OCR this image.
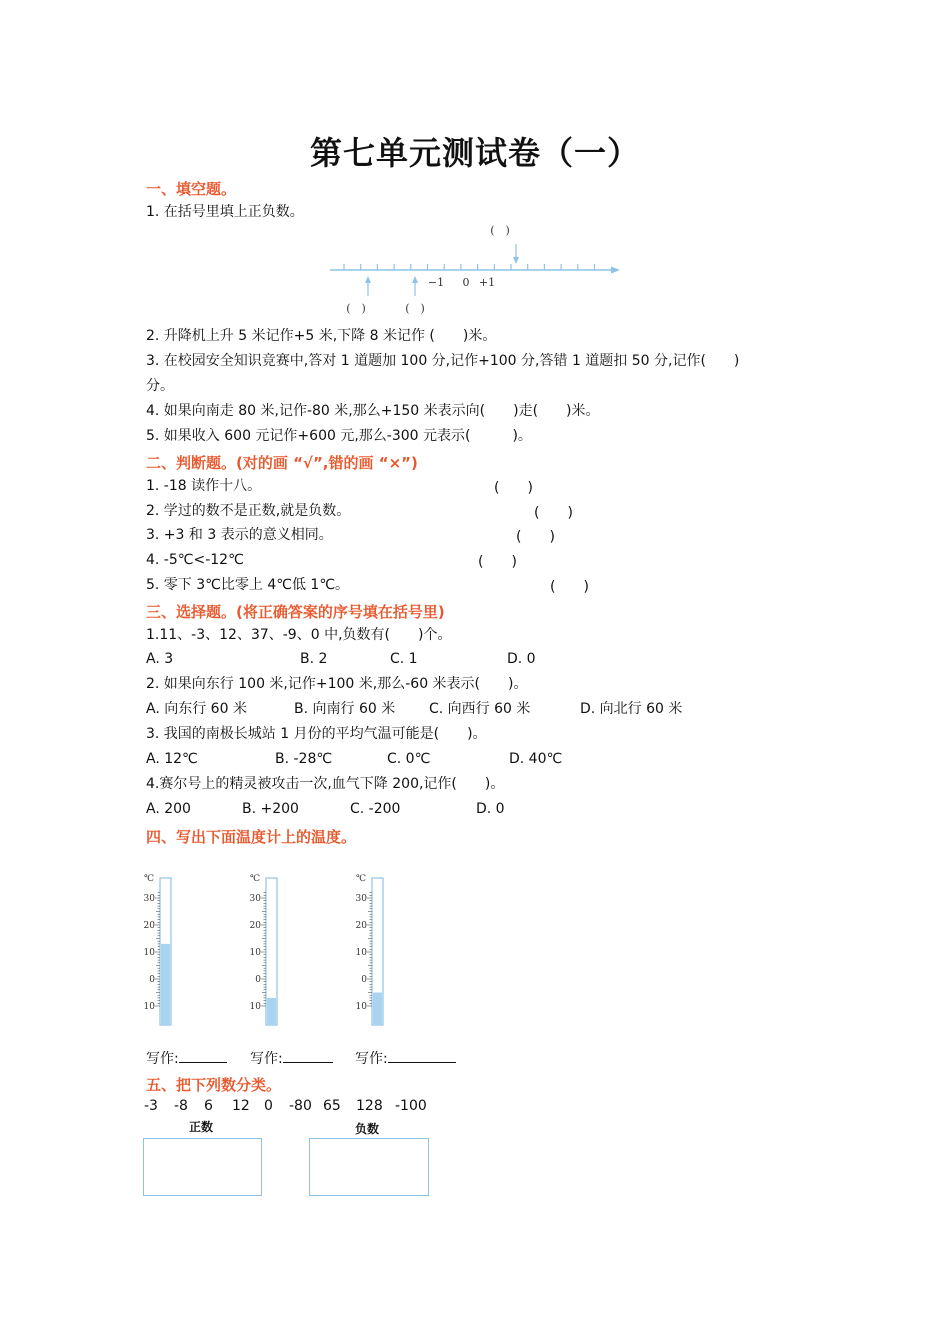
第七单元测试卷（一）
一、填空题。
1. 在括号里填上正负数。
(　)
−1 0 +1
(　)	(　)
2. 升降机上升 5 米记作+5 米,下降 8 米记作 (　　)米。
3. 在校园安全知识竞赛中,答对 1 道题加 100 分,记作+100 分,答错 1 道题扣 50 分,记作(　　)
分。
4. 如果向南走 80 米,记作-80 米,那么+150 米表示向(　　)走(　　)米。
5. 如果收入 600 元记作+600 元,那么-300 元表示(　　　)。
二、判断题。(对的画 “√”,错的画 “×”)
1. -18 读作十八。	(　　)
2. 学过的数不是正数,就是负数。	(　　)
3. +3 和 3 表示的意义相同。	(　　)
4. -5℃<-12℃	(　　)
5. 零下 3℃比零上 4℃低 1℃。	(　　)
三、选择题。(将正确答案的序号填在括号里)
1.11、-3、12、37、-9、0 中,负数有(　　)个。
A. 3	B. 2	C. 1	D. 0
2. 如果向东行 100 米,记作+100 米,那么-60 米表示(　　)。
A. 向东行 60 米	B. 向南行 60 米 C. 向西行 60 米	D. 向北行 60 米
3. 我国的南极长城站 1 月份的平均气温可能是(　　)。
A. 12℃	B. -28℃	C. 0℃	D. 40℃
4.赛尔号上的精灵被攻击一次,血气下降 200,记作(　　)。
A. 200	B. +200	C. -200	D. 0
四、写出下面温度计上的温度。
℃
30
20
10
0
10
℃
30
20
10
0
10
℃
30
20
10
0
10
写作:	写作:	写作:
五、把下列数分类。
-3 -8 6 12 0 -80 65 128 -100
正数	负数
